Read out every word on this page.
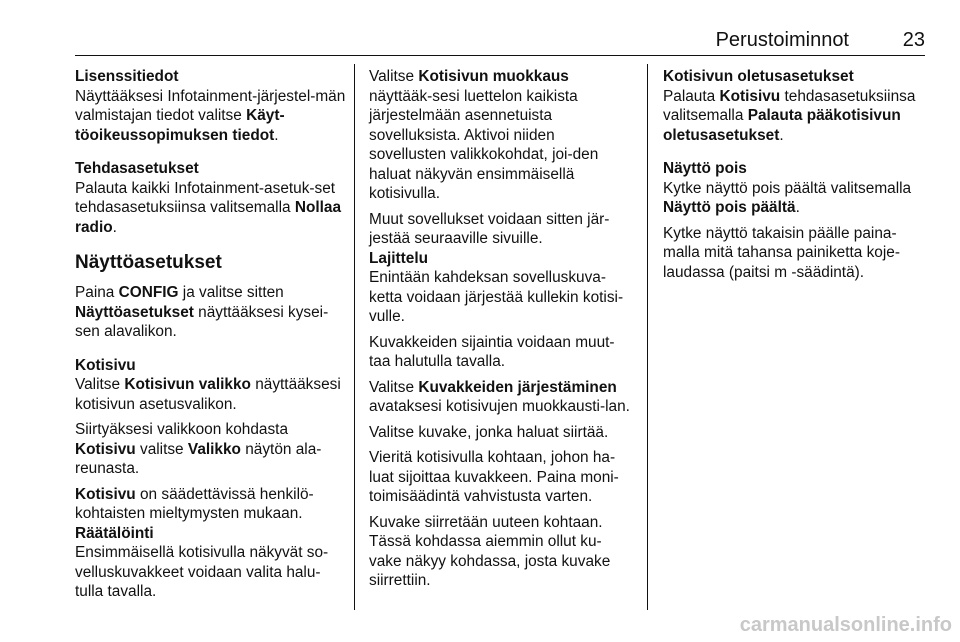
Perustoiminnot	23

Lisenssitiedot

Näyttääksesi Infotainment-järjestel-män valmistajan tiedot valitse Käyt-töoikeussopimuksen tiedot.

Tehdasasetukset

Palauta kaikki Infotainment-asetuk-set tehdasasetuksiinsa valitsemalla Nollaa radio.

Näyttöasetukset

Paina CONFIG ja valitse sitten Näyttöasetukset näyttääksesi kysei-sen alavalikon.

Kotisivu

Valitse Kotisivun valikko näyttääksesi kotisivun asetusvalikon.

Siirtyäksesi valikkoon kohdasta Kotisivu valitse Valikko näytön ala-reunasta.

Kotisivu on säädettävissä henkilö-kohtaisten mieltymysten mukaan.

Räätälöinti

Ensimmäisellä kotisivulla näkyvät so-velluskuvakkeet voidaan valita halu-tulla tavalla.

Valitse Kotisivun muokkaus näyttääk-sesi luettelon kaikista järjestelmään asennetuista sovelluksista. Aktivoi niiden sovellusten valikkokohdat, joi-den haluat näkyvän ensimmäisellä kotisivulla.

Muut sovellukset voidaan sitten jär-jestää seuraaville sivuille.

Lajittelu

Enintään kahdeksan sovelluskuva-ketta voidaan järjestää kullekin kotisi-vulle.

Kuvakkeiden sijaintia voidaan muut-taa halutulla tavalla.

Valitse Kuvakkeiden järjestäminen avataksesi kotisivujen muokkausti-lan.

Valitse kuvake, jonka haluat siirtää.

Vieritä kotisivulla kohtaan, johon ha-luat sijoittaa kuvakkeen. Paina moni-toimisäädintä vahvistusta varten.

Kuvake siirretään uuteen kohtaan. Tässä kohdassa aiemmin ollut ku-vake näkyy kohdassa, josta kuvake siirrettiin.

Kotisivun oletusasetukset

Palauta Kotisivu tehdasasetuksiinsa valitsemalla Palauta pääkotisivun oletusasetukset.

Näyttö pois

Kytke näyttö pois päältä valitsemalla Näyttö pois päältä.

Kytke näyttö takaisin päälle paina-malla mitä tahansa painiketta koje-laudassa (paitsi m -säädintä).

carmanualsonline.info
